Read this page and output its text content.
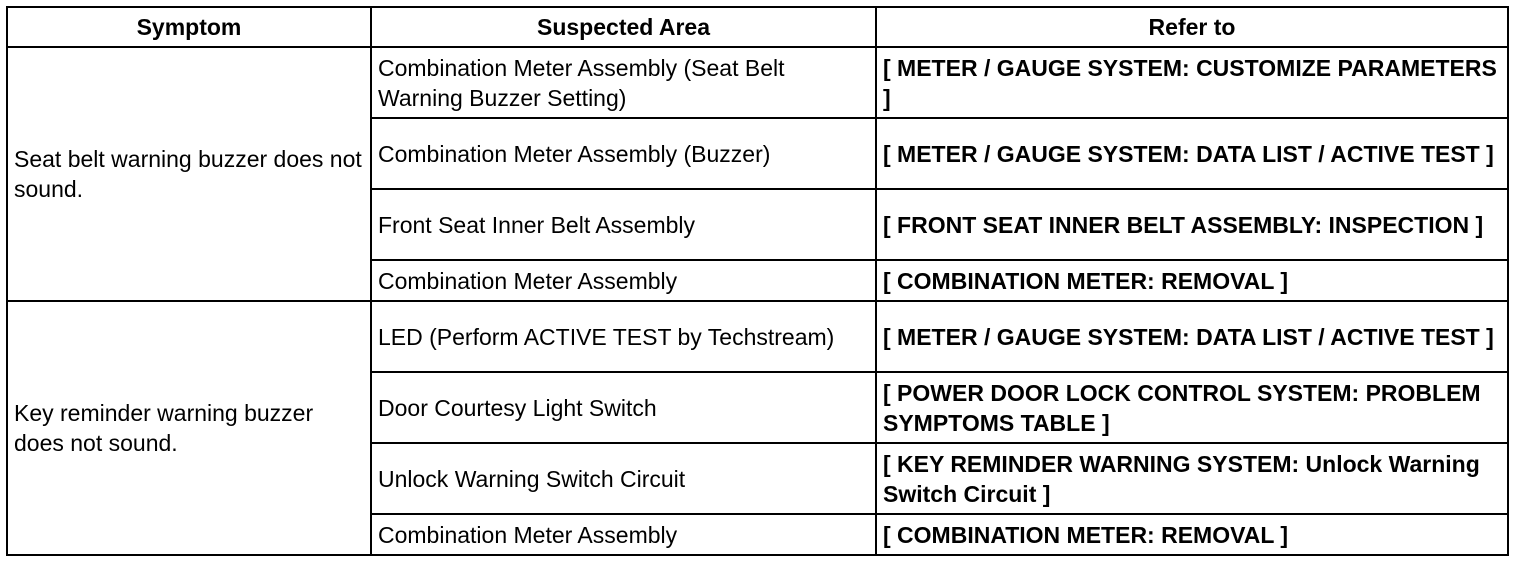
Symptom	Suspected Area	Refer to
Seat belt warning buzzer does not sound.	Combination Meter Assembly (Seat Belt Warning Buzzer Setting)	[ METER / GAUGE SYSTEM: CUSTOMIZE PARAMETERS ]
	Combination Meter Assembly (Buzzer)	[ METER / GAUGE SYSTEM: DATA LIST / ACTIVE TEST ]
	Front Seat Inner Belt Assembly	[ FRONT SEAT INNER BELT ASSEMBLY: INSPECTION ]
	Combination Meter Assembly	[ COMBINATION METER: REMOVAL ]
Key reminder warning buzzer does not sound.	LED (Perform ACTIVE TEST by Techstream)	[ METER / GAUGE SYSTEM: DATA LIST / ACTIVE TEST ]
	Door Courtesy Light Switch	[ POWER DOOR LOCK CONTROL SYSTEM: PROBLEM SYMPTOMS TABLE ]
	Unlock Warning Switch Circuit	[ KEY REMINDER WARNING SYSTEM: Unlock Warning Switch Circuit ]
	Combination Meter Assembly	[ COMBINATION METER: REMOVAL ]
